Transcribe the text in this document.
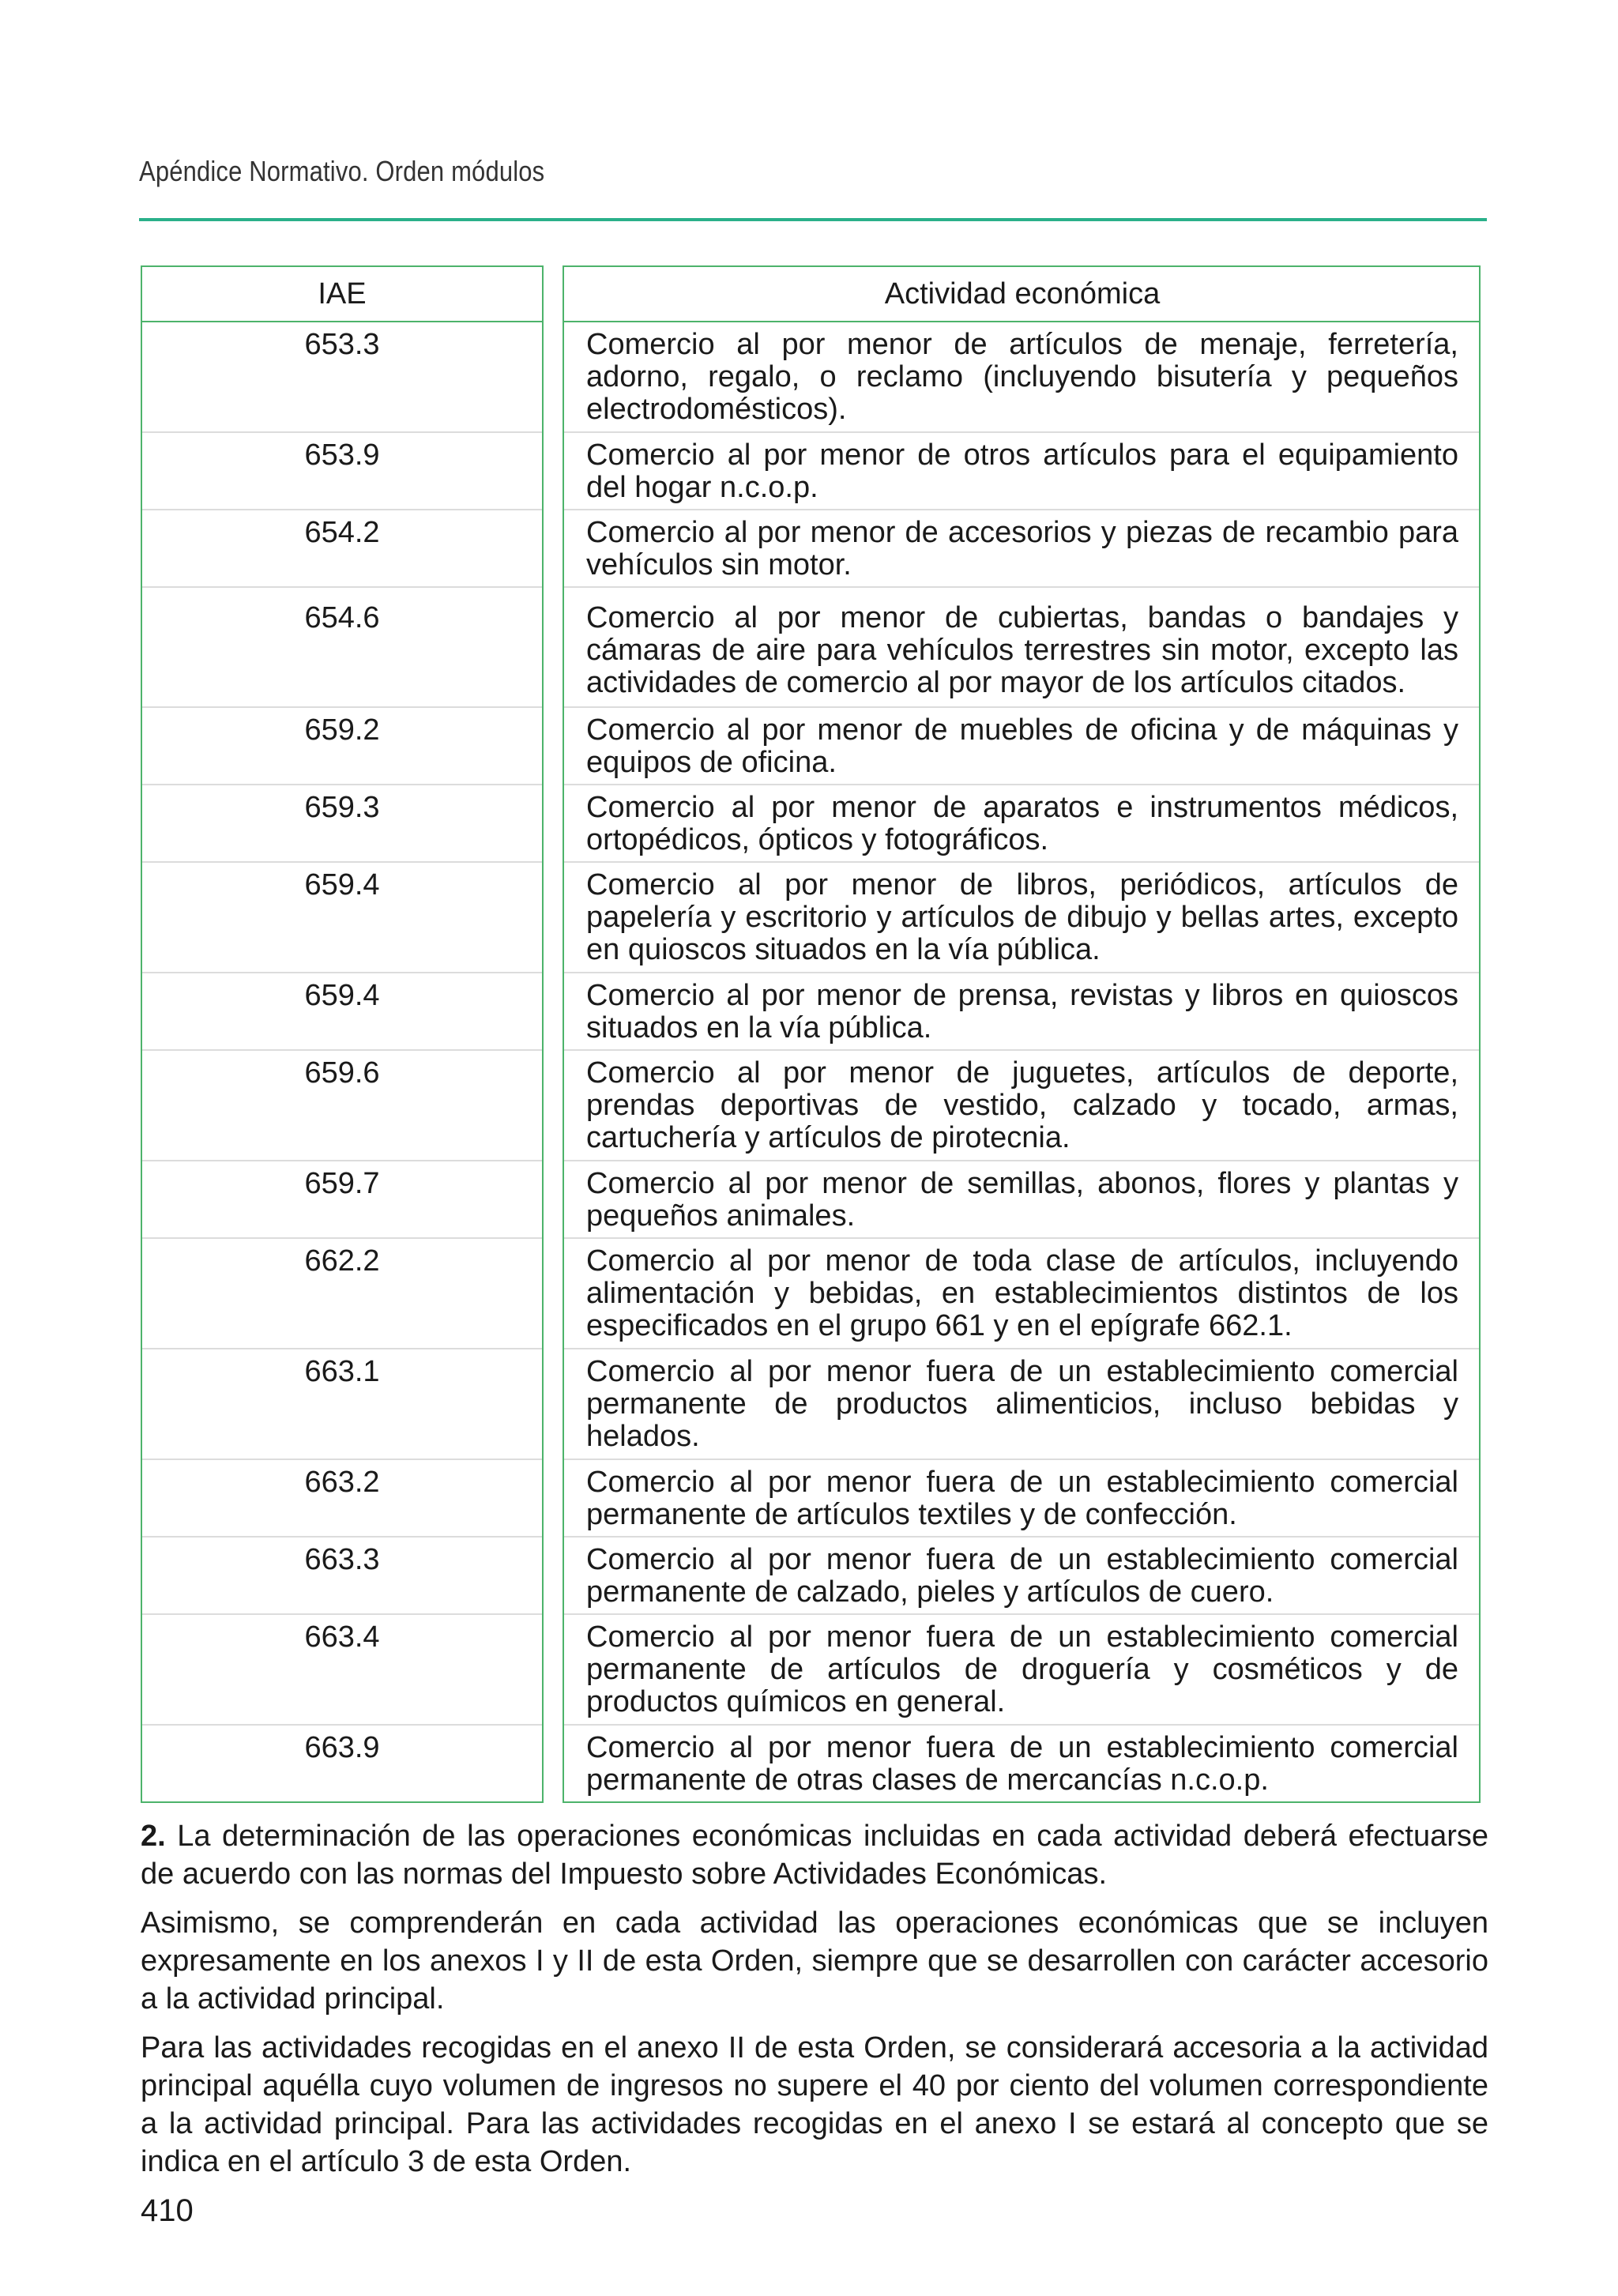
Apéndice Normativo. Orden módulos
IAE
653.3
653.9
654.2
654.6
659.2
659.3
659.4
659.4
659.6
659.7
662.2
663.1
663.2
663.3
663.4
663.9
Actividad económica
Comercio al por menor de artículos de menaje, ferretería, adorno, regalo, o reclamo (incluyendo bisutería y pequeños electrodomésticos).
Comercio al por menor de otros artículos para el equipamiento del hogar n.c.o.p.
Comercio al por menor de accesorios y piezas de recambio para vehículos sin motor.
Comercio al por menor de cubiertas, bandas o bandajes y cámaras de aire para vehículos terrestres sin motor, excepto las actividades de comercio al por mayor de los artículos citados.
Comercio al por menor de muebles de oficina y de máquinas y equipos de oficina.
Comercio al por menor de aparatos e instrumentos médicos, ortopédicos, ópticos y fotográficos.
Comercio al por menor de libros, periódicos, artículos de papelería y escritorio y artículos de dibujo y bellas artes, excepto en quioscos situados en la vía pública.
Comercio al por menor de prensa, revistas y libros en quioscos situados en la vía pública.
Comercio al por menor de juguetes, artículos de deporte, prendas deportivas de vestido, calzado y tocado, armas, cartuchería y artículos de pirotecnia.
Comercio al por menor de semillas, abonos, flores y plantas y pequeños animales.
Comercio al por menor de toda clase de artículos, incluyendo alimentación y bebidas, en establecimientos distintos de los especificados en el grupo 661 y en el epígrafe 662.1.
Comercio al por menor fuera de un establecimiento comercial permanente de productos alimenticios, incluso bebidas y helados.
Comercio al por menor fuera de un establecimiento comercial permanente de artículos textiles y de confección.
Comercio al por menor fuera de un establecimiento comercial permanente de calzado, pieles y artículos de cuero.
Comercio al por menor fuera de un establecimiento comercial permanente de artículos de droguería y cosméticos y de productos químicos en general.
Comercio al por menor fuera de un establecimiento comercial permanente de otras clases de mercancías n.c.o.p.

2. La determinación de las operaciones económicas incluidas en cada actividad deberá efectuarse de acuerdo con las normas del Impuesto sobre Actividades Económicas.

Asimismo, se comprenderán en cada actividad las operaciones económicas que se incluyen expresamente en los anexos I y II de esta Orden, siempre que se desarrollen con carácter accesorio a la actividad principal.

Para las actividades recogidas en el anexo II de esta Orden, se considerará accesoria a la actividad principal aquélla cuyo volumen de ingresos no supere el 40 por ciento del volumen correspondiente a la actividad principal. Para las actividades recogidas en el anexo I se estará al concepto que se indica en el artículo 3 de esta Orden.

410
